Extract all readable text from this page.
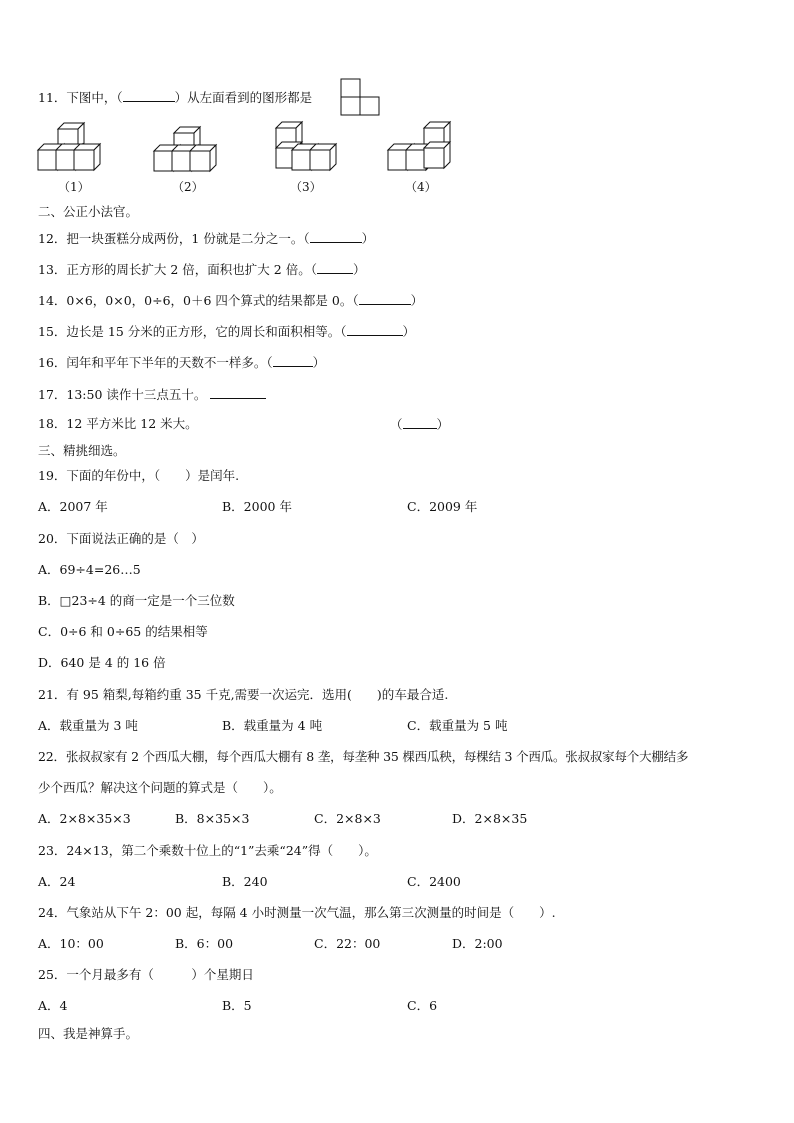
11．下图中，（	）从左面看到的图形都是
（1）	（2）	（3）	（4）
二、公正小法官。
12．把一块蛋糕分成两份，1 份就是二分之一。（	）
13．正方形的周长扩大 2 倍，面积也扩大 2 倍。（	）
14．0×6，0×0，0÷6，0＋6 四个算式的结果都是 0。（	）
15．边长是 15 分米的正方形，它的周长和面积相等。（	）
16．闰年和平年下半年的天数不一样多。（	）
17．13:50 读作十三点五十。
18．12 平方米比 12 米大。	（	）
三、精挑细选。
19．下面的年份中，（　　）是闰年.
A．2007 年	B．2000 年	C．2009 年
20．下面说法正确的是（　）
A．69÷4=26…5
B．□23÷4 的商一定是一个三位数
C．0÷6 和 0÷65 的结果相等
D．640 是 4 的 16 倍
21．有 95 箱梨,每箱约重 35 千克,需要一次运完．选用(　　)的车最合适.
A．载重量为 3 吨	B．载重量为 4 吨	C．载重量为 5 吨
22．张叔叔家有 2 个西瓜大棚，每个西瓜大棚有 8 垄，每垄种 35 棵西瓜秧，每棵结 3 个西瓜。张叔叔家每个大棚结多
少个西瓜？解决这个问题的算式是（　　）。
A．2×8×35×3	B．8×35×3	C．2×8×3	D．2×8×35
23．24×13，第二个乘数十位上的“1”去乘“24”得（　　）。
A．24	B．240	C．2400
24．气象站从下午 2：00 起，每隔 4 小时测量一次气温，那么第三次测量的时间是（　　）.
A．10：00	B．6：00	C．22：00	D．2:00
25．一个月最多有（　　　）个星期日
A．4	B．5	C．6
四、我是神算手。
